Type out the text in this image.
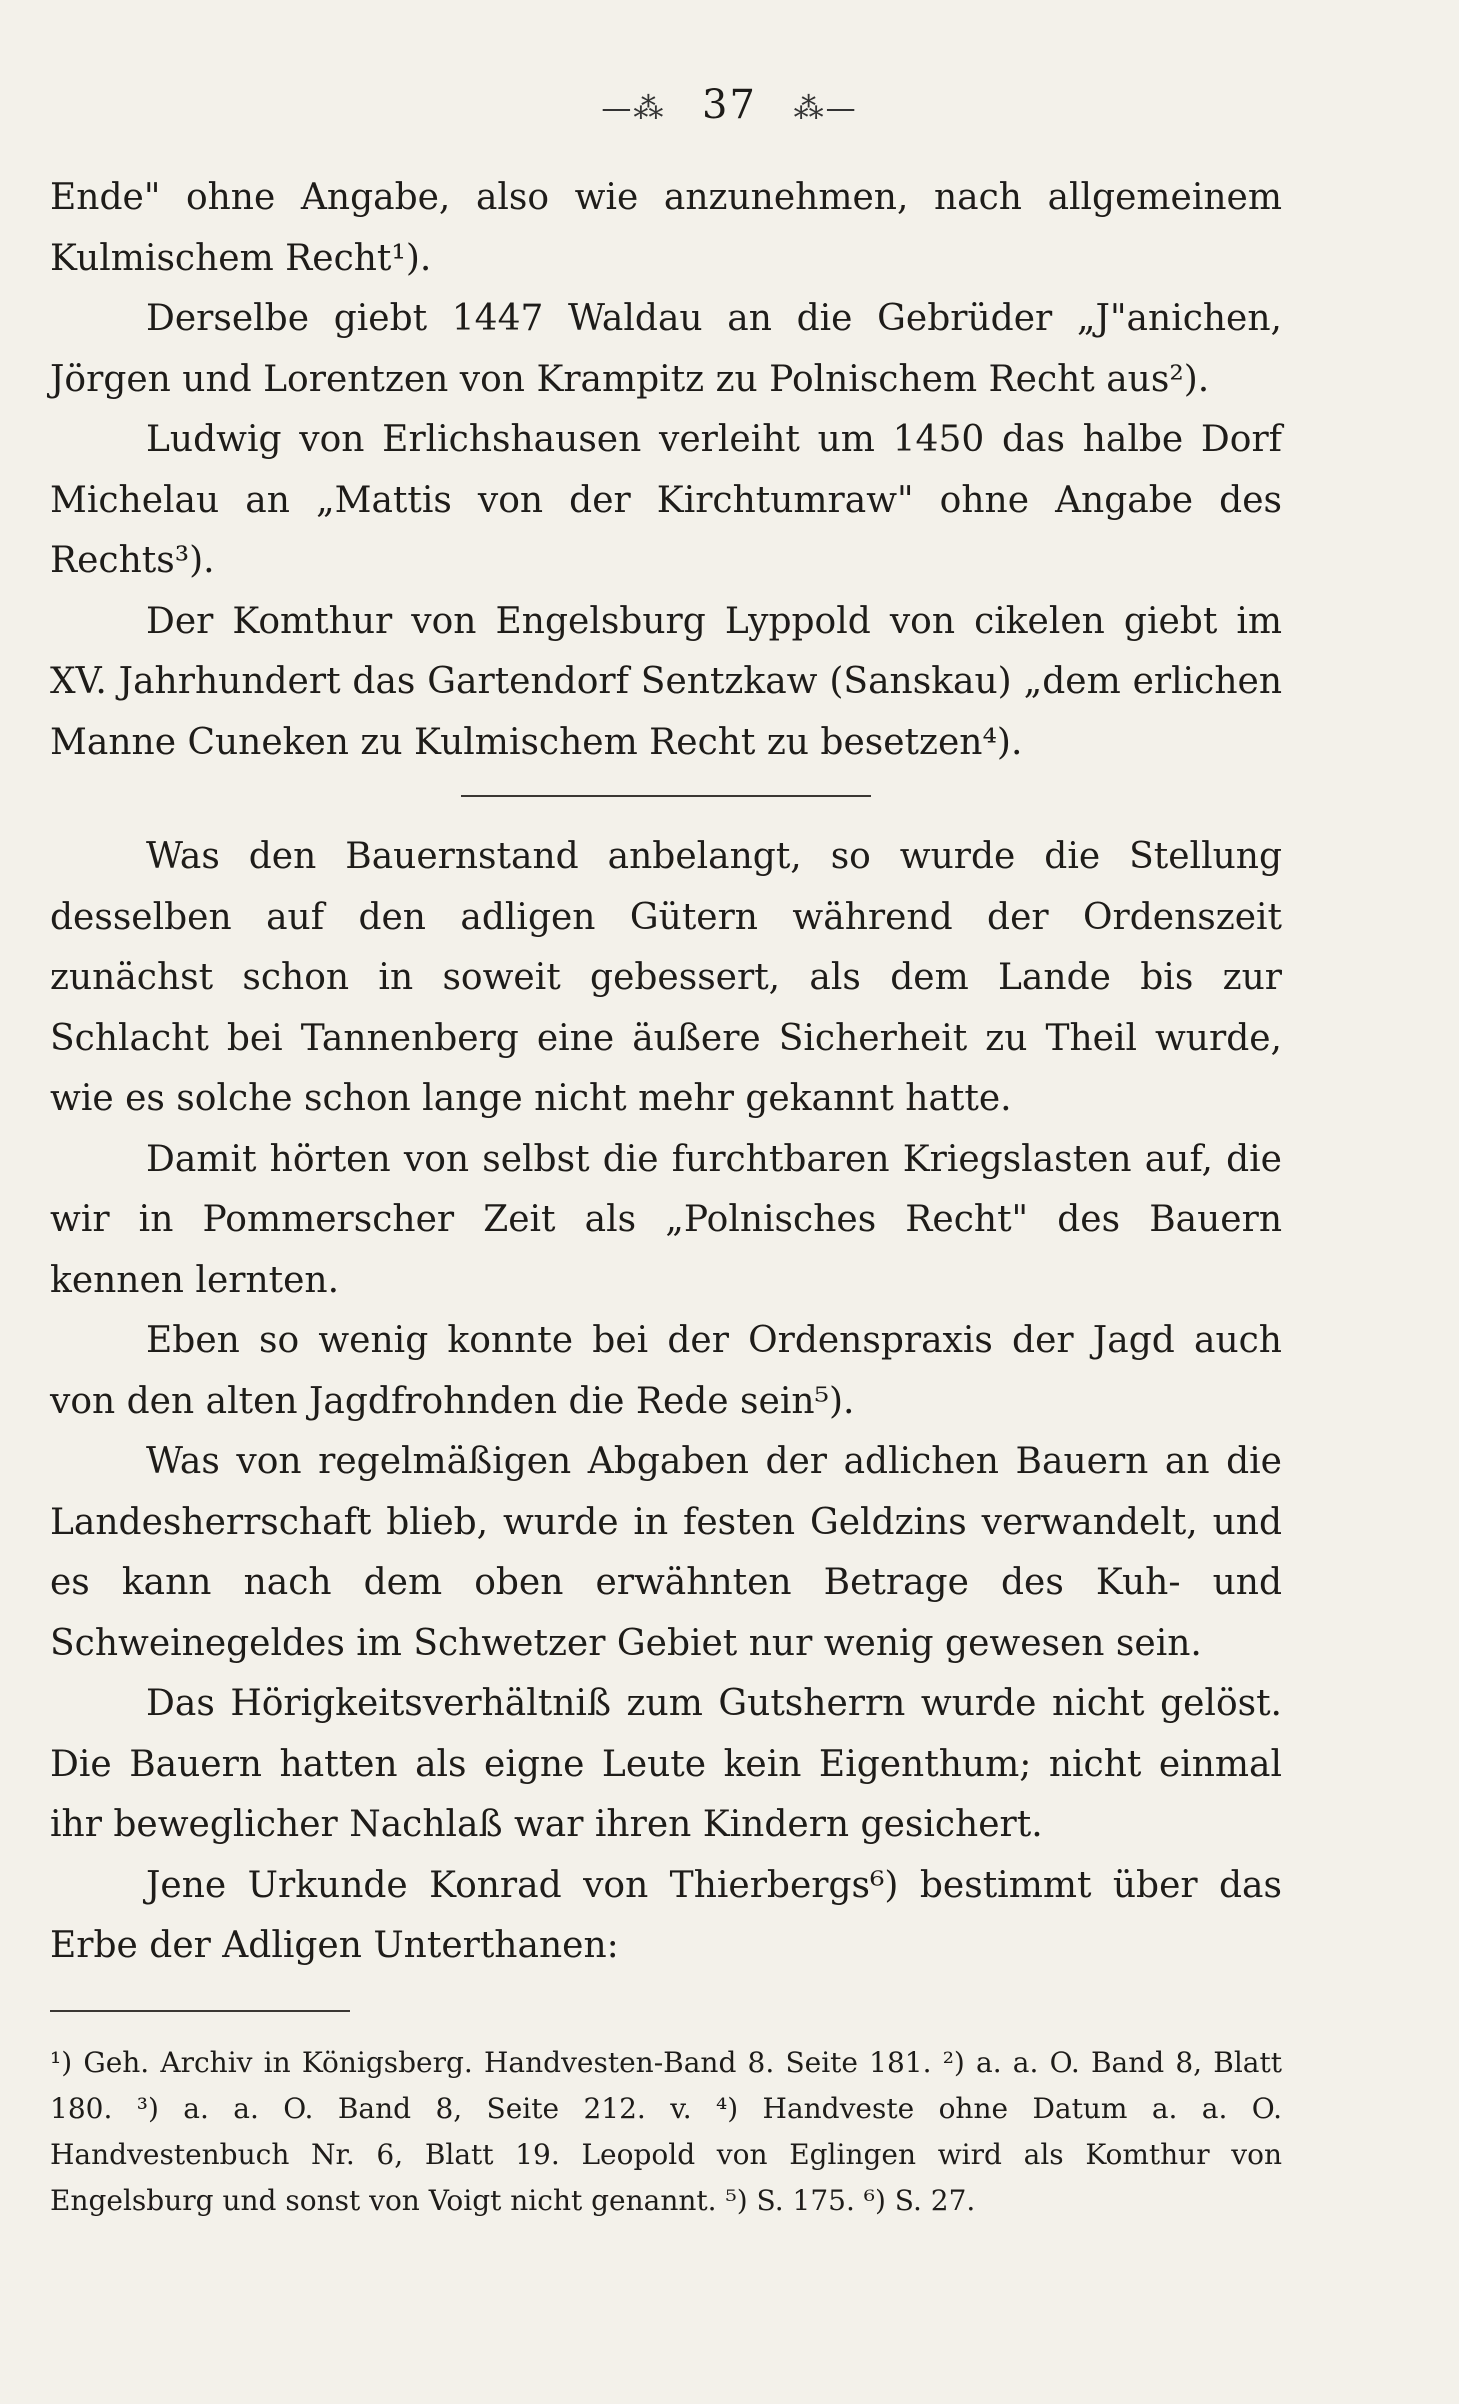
—⁂ 37 ⁂—

Ende" ohne Angabe, also wie anzunehmen, nach allgemeinem Kulmischem Recht¹).

Derselbe giebt 1447 Waldau an die Gebrüder „J"anichen, Jörgen und Lorentzen von Krampitz zu Polnischem Recht aus²).

Ludwig von Erlichshausen verleiht um 1450 das halbe Dorf Michelau an „Mattis von der Kirchtumraw" ohne Angabe des Rechts³).

Der Komthur von Engelsburg Lyppold von cikelen giebt im XV. Jahrhundert das Gartendorf Sentzkaw (Sanskau) „dem erlichen Manne Cuneken zu Kulmischem Recht zu besetzen⁴).

Was den Bauernstand anbelangt, so wurde die Stellung desselben auf den adligen Gütern während der Ordenszeit zunächst schon in soweit gebessert, als dem Lande bis zur Schlacht bei Tannenberg eine äußere Sicherheit zu Theil wurde, wie es solche schon lange nicht mehr gekannt hatte.

Damit hörten von selbst die furchtbaren Kriegslasten auf, die wir in Pommerscher Zeit als „Polnisches Recht" des Bauern kennen lernten.

Eben so wenig konnte bei der Ordenspraxis der Jagd auch von den alten Jagdfrohnden die Rede sein⁵).

Was von regelmäßigen Abgaben der adlichen Bauern an die Landesherrschaft blieb, wurde in festen Geldzins verwandelt, und es kann nach dem oben erwähnten Betrage des Kuh- und Schweinegeldes im Schwetzer Gebiet nur wenig gewesen sein.

Das Hörigkeitsverhältniß zum Gutsherrn wurde nicht gelöst. Die Bauern hatten als eigne Leute kein Eigenthum; nicht einmal ihr beweglicher Nachlaß war ihren Kindern gesichert.

Jene Urkunde Konrad von Thierbergs⁶) bestimmt über das Erbe der Adligen Unterthanen:

¹) Geh. Archiv in Königsberg. Handvesten-Band 8. Seite 181. ²) a. a. O. Band 8, Blatt 180. ³) a. a. O. Band 8, Seite 212. v. ⁴) Handveste ohne Datum a. a. O. Handvestenbuch Nr. 6, Blatt 19. Leopold von Eglingen wird als Komthur von Engelsburg und sonst von Voigt nicht genannt. ⁵) S. 175. ⁶) S. 27.
